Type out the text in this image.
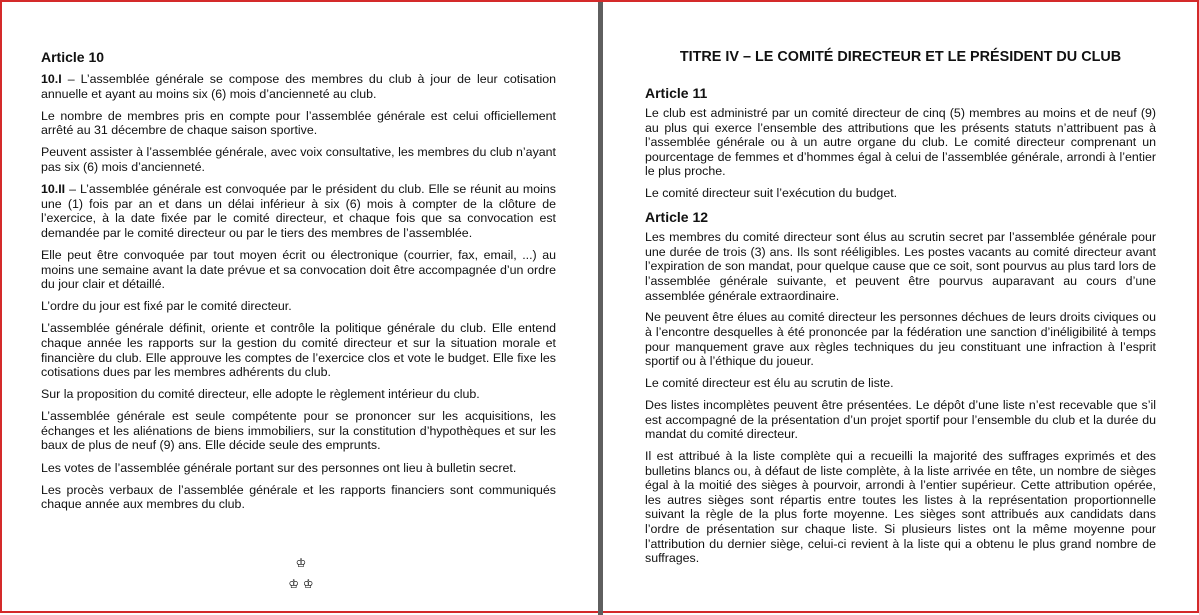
Article 10

10.I – L’assemblée générale se compose des membres du club à jour de leur cotisation annuelle et ayant au moins six (6) mois d’ancienneté au club.

Le nombre de membres pris en compte pour l’assemblée générale est celui officiellement arrêté au 31 décembre de chaque saison sportive.

Peuvent assister à l’assemblée générale, avec voix consultative, les membres du club n’ayant pas six (6) mois d’ancienneté.

10.II – L’assemblée générale est convoquée par le président du club. Elle se réunit au moins une (1) fois par an et dans un délai inférieur à six (6) mois à compter de la clôture de l’exercice, à la date fixée par le comité directeur, et chaque fois que sa convocation est demandée par le comité directeur ou par le tiers des membres de l’assemblée.

Elle peut être convoquée par tout moyen écrit ou électronique (courrier, fax, email, ...) au moins une semaine avant la date prévue et sa convocation doit être accompagnée d’un ordre du jour clair et détaillé.

L’ordre du jour est fixé par le comité directeur.

L’assemblée générale définit, oriente et contrôle la politique générale du club. Elle entend chaque année les rapports sur la gestion du comité directeur et sur la situation morale et financière du club. Elle approuve les comptes de l’exercice clos et vote le budget. Elle fixe les cotisations dues par les membres adhérents du club.

Sur la proposition du comité directeur, elle adopte le règlement intérieur du club.

L’assemblée générale est seule compétente pour se prononcer sur les acquisitions, les échanges et les aliénations de biens immobiliers, sur la constitution d’hypothèques et sur les baux de plus de neuf (9) ans. Elle décide seule des emprunts.

Les votes de l’assemblée générale portant sur des personnes ont lieu à bulletin secret.

Les procès verbaux de l’assemblée générale et les rapports financiers sont communiqués chaque année aux membres du club.

♔
♔ ♔
TITRE IV – LE COMITÉ DIRECTEUR ET LE PRÉSIDENT DU CLUB
Article 11

Le club est administré par un comité directeur de cinq (5) membres au moins et de neuf (9) au plus qui exerce l’ensemble des attributions que les présents statuts n’attribuent pas à l’assemblée générale ou à un autre organe du club. Le comité directeur comprenant un pourcentage de femmes et d’hommes égal à celui de l’assemblée générale, arrondi à l’entier le plus proche.

Le comité directeur suit l’exécution du budget.

Article 12

Les membres du comité directeur sont élus au scrutin secret par l’assemblée générale pour une durée de trois (3) ans. Ils sont rééligibles. Les postes vacants au comité directeur avant l’expiration de son mandat, pour quelque cause que ce soit, sont pourvus au plus tard lors de l’assemblée générale suivante, et peuvent être pourvus auparavant au cours d’une assemblée générale extraordinaire.

Ne peuvent être élues au comité directeur les personnes déchues de leurs droits civiques ou à l’encontre desquelles à été prononcée par la fédération une sanction d’inéligibilité à temps pour manquement grave aux règles techniques du jeu constituant une infraction à l’esprit sportif ou à l’éthique du joueur.

Le comité directeur est élu au scrutin de liste.

Des listes incomplètes peuvent être présentées. Le dépôt d’une liste n’est recevable que s’il est accompagné de la présentation d’un projet sportif pour l’ensemble du club et la durée du mandat du comité directeur.

Il est attribué à la liste complète qui a recueilli la majorité des suffrages exprimés et des bulletins blancs ou, à défaut de liste complète, à la liste arrivée en tête, un nombre de sièges égal à la moitié des sièges à pourvoir, arrondi à l’entier supérieur. Cette attribution opérée, les autres sièges sont répartis entre toutes les listes à la représentation proportionnelle suivant la règle de la plus forte moyenne. Les sièges sont attribués aux candidats dans l’ordre de présentation sur chaque liste. Si plusieurs listes ont la même moyenne pour l’attribution du dernier siège, celui-ci revient à la liste qui a obtenu le plus grand nombre de suffrages.
